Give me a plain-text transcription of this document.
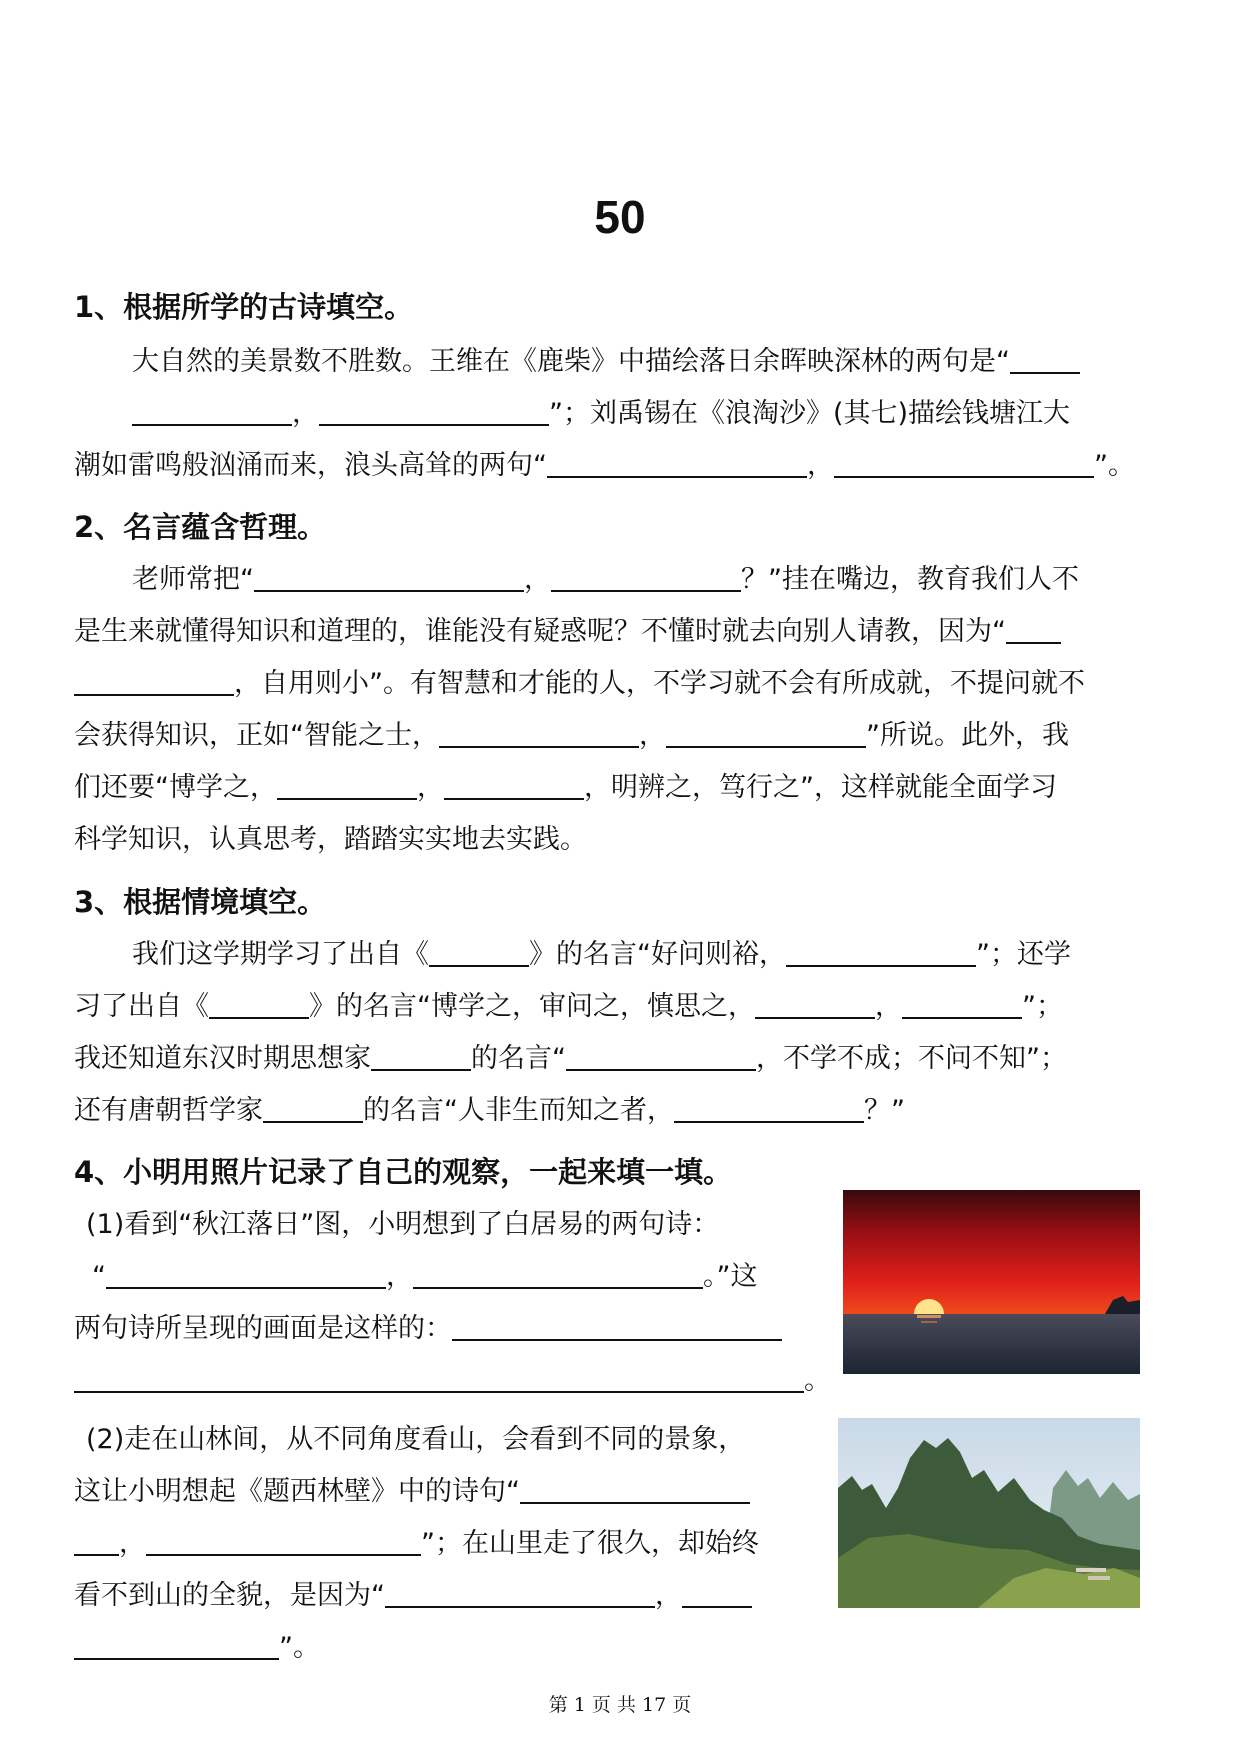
50
1、根据所学的古诗填空。
大自然的美景数不胜数。王维在《鹿柴》中描绘落日余晖映深林的两句是“
，	”；刘禹锡在《浪淘沙》(其七)描绘钱塘江大
潮如雷鸣般汹涌而来，浪头高耸的两句“	，	”。
2、名言蕴含哲理。
老师常把“	，	？”挂在嘴边，教育我们人不
是生来就懂得知识和道理的，谁能没有疑惑呢？不懂时就去向别人请教，因为“
，自用则小”。有智慧和才能的人，不学习就不会有所成就，不提问就不
会获得知识，正如“智能之士，	，	”所说。此外，我
们还要“博学之，	，	，明辨之，笃行之”，这样就能全面学习
科学知识，认真思考，踏踏实实地去实践。
3、根据情境填空。
我们这学期学习了出自《	》的名言“好问则裕，	”；还学
习了出自《	》的名言“博学之，审问之，慎思之，	，	”；
我还知道东汉时期思想家	的名言“	，不学不成；不问不知”；
还有唐朝哲学家	的名言“人非生而知之者，	？”
4、小明用照片记录了自己的观察，一起来填一填。
(1)看到“秋江落日”图，小明想到了白居易的两句诗：
“	，	。”这
两句诗所呈现的画面是这样的：
。
(2)走在山林间，从不同角度看山，会看到不同的景象，
这让小明想起《题西林壁》中的诗句“
，	”；在山里走了很久，却始终
看不到山的全貌，是因为“	，
”。
第 1 页 共 17 页
